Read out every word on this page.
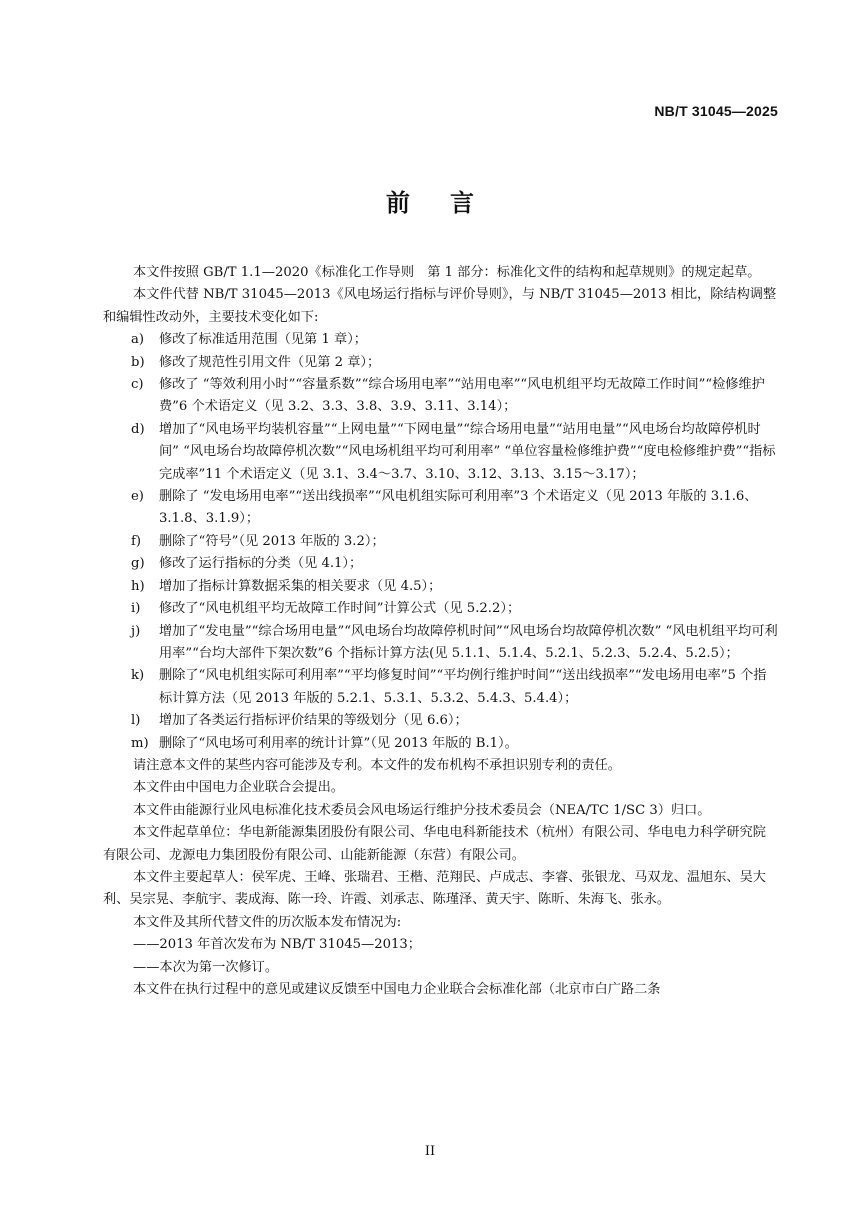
NB/T 31045—2025
前 言

本文件按照 GB/T 1.1—2020《标准化工作导则　第 1 部分：标准化文件的结构和起草规则》的规定起草。

本文件代替 NB/T 31045—2013《风电场运行指标与评价导则》，与 NB/T 31045—2013 相比，除结构调整和编辑性改动外，主要技术变化如下:

a)	修改了标准适用范围（见第 1 章）；
b)	修改了规范性引用文件（见第 2 章）；
c)	修改了 “等效利用小时”“容量系数”“综合场用电率”“站用电率”“风电机组平均无故障工作时间”“检修维护费”6 个术语定义（见 3.2、3.3、3.8、3.9、3.11、3.14）；
d)	增加了“风电场平均装机容量”“上网电量”“下网电量”“综合场用电量”“站用电量”“风电场台均故障停机时间” “风电场台均故障停机次数”“风电场机组平均可利用率” “单位容量检修维护费”“度电检修维护费”“指标完成率”11 个术语定义（见 3.1、3.4～3.7、3.10、3.12、3.13、3.15～3.17）；
e)	删除了 “发电场用电率”“送出线损率”“风电机组实际可利用率”3 个术语定义（见 2013 年版的 3.1.6、3.1.8、3.1.9）；
f)	删除了“符号”（见 2013 年版的 3.2）；
g)	修改了运行指标的分类（见 4.1）；
h)	增加了指标计算数据采集的相关要求（见 4.5）；
i)	修改了“风电机组平均无故障工作时间”计算公式（见 5.2.2）；
j)	增加了“发电量”“综合场用电量”“风电场台均故障停机时间”“风电场台均故障停机次数” “风电机组平均可利用率”“台均大部件下架次数”6 个指标计算方法(见 5.1.1、5.1.4、5.2.1、5.2.3、5.2.4、5.2.5）；
k)	删除了“风电机组实际可利用率”“平均修复时间”“平均例行维护时间”“送出线损率”“发电场用电率”5 个指标计算方法（见 2013 年版的 5.2.1、5.3.1、5.3.2、5.4.3、5.4.4）；
l)	增加了各类运行指标评价结果的等级划分（见 6.6）；
m) 删除了“风电场可利用率的统计计算”（见 2013 年版的 B.1）。

请注意本文件的某些内容可能涉及专利。本文件的发布机构不承担识别专利的责任。

本文件由中国电力企业联合会提出。

本文件由能源行业风电标准化技术委员会风电场运行维护分技术委员会（NEA/TC 1/SC 3）归口。

本文件起草单位：华电新能源集团股份有限公司、华电电科新能技术（杭州）有限公司、华电电力科学研究院有限公司、龙源电力集团股份有限公司、山能新能源（东营）有限公司。

本文件主要起草人：侯军虎、王峰、张瑞君、王楷、范翔民、卢成志、李睿、张银龙、马双龙、温旭东、吴大利、吴宗晃、李航宇、裴成海、陈一玲、许霞、刘承志、陈瑾泽、黄天宇、陈昕、朱海飞、张永。

本文件及其所代替文件的历次版本发布情况为:

——2013 年首次发布为 NB/T 31045—2013；

——本次为第一次修订。

本文件在执行过程中的意见或建议反馈至中国电力企业联合会标准化部（北京市白广路二条

II
